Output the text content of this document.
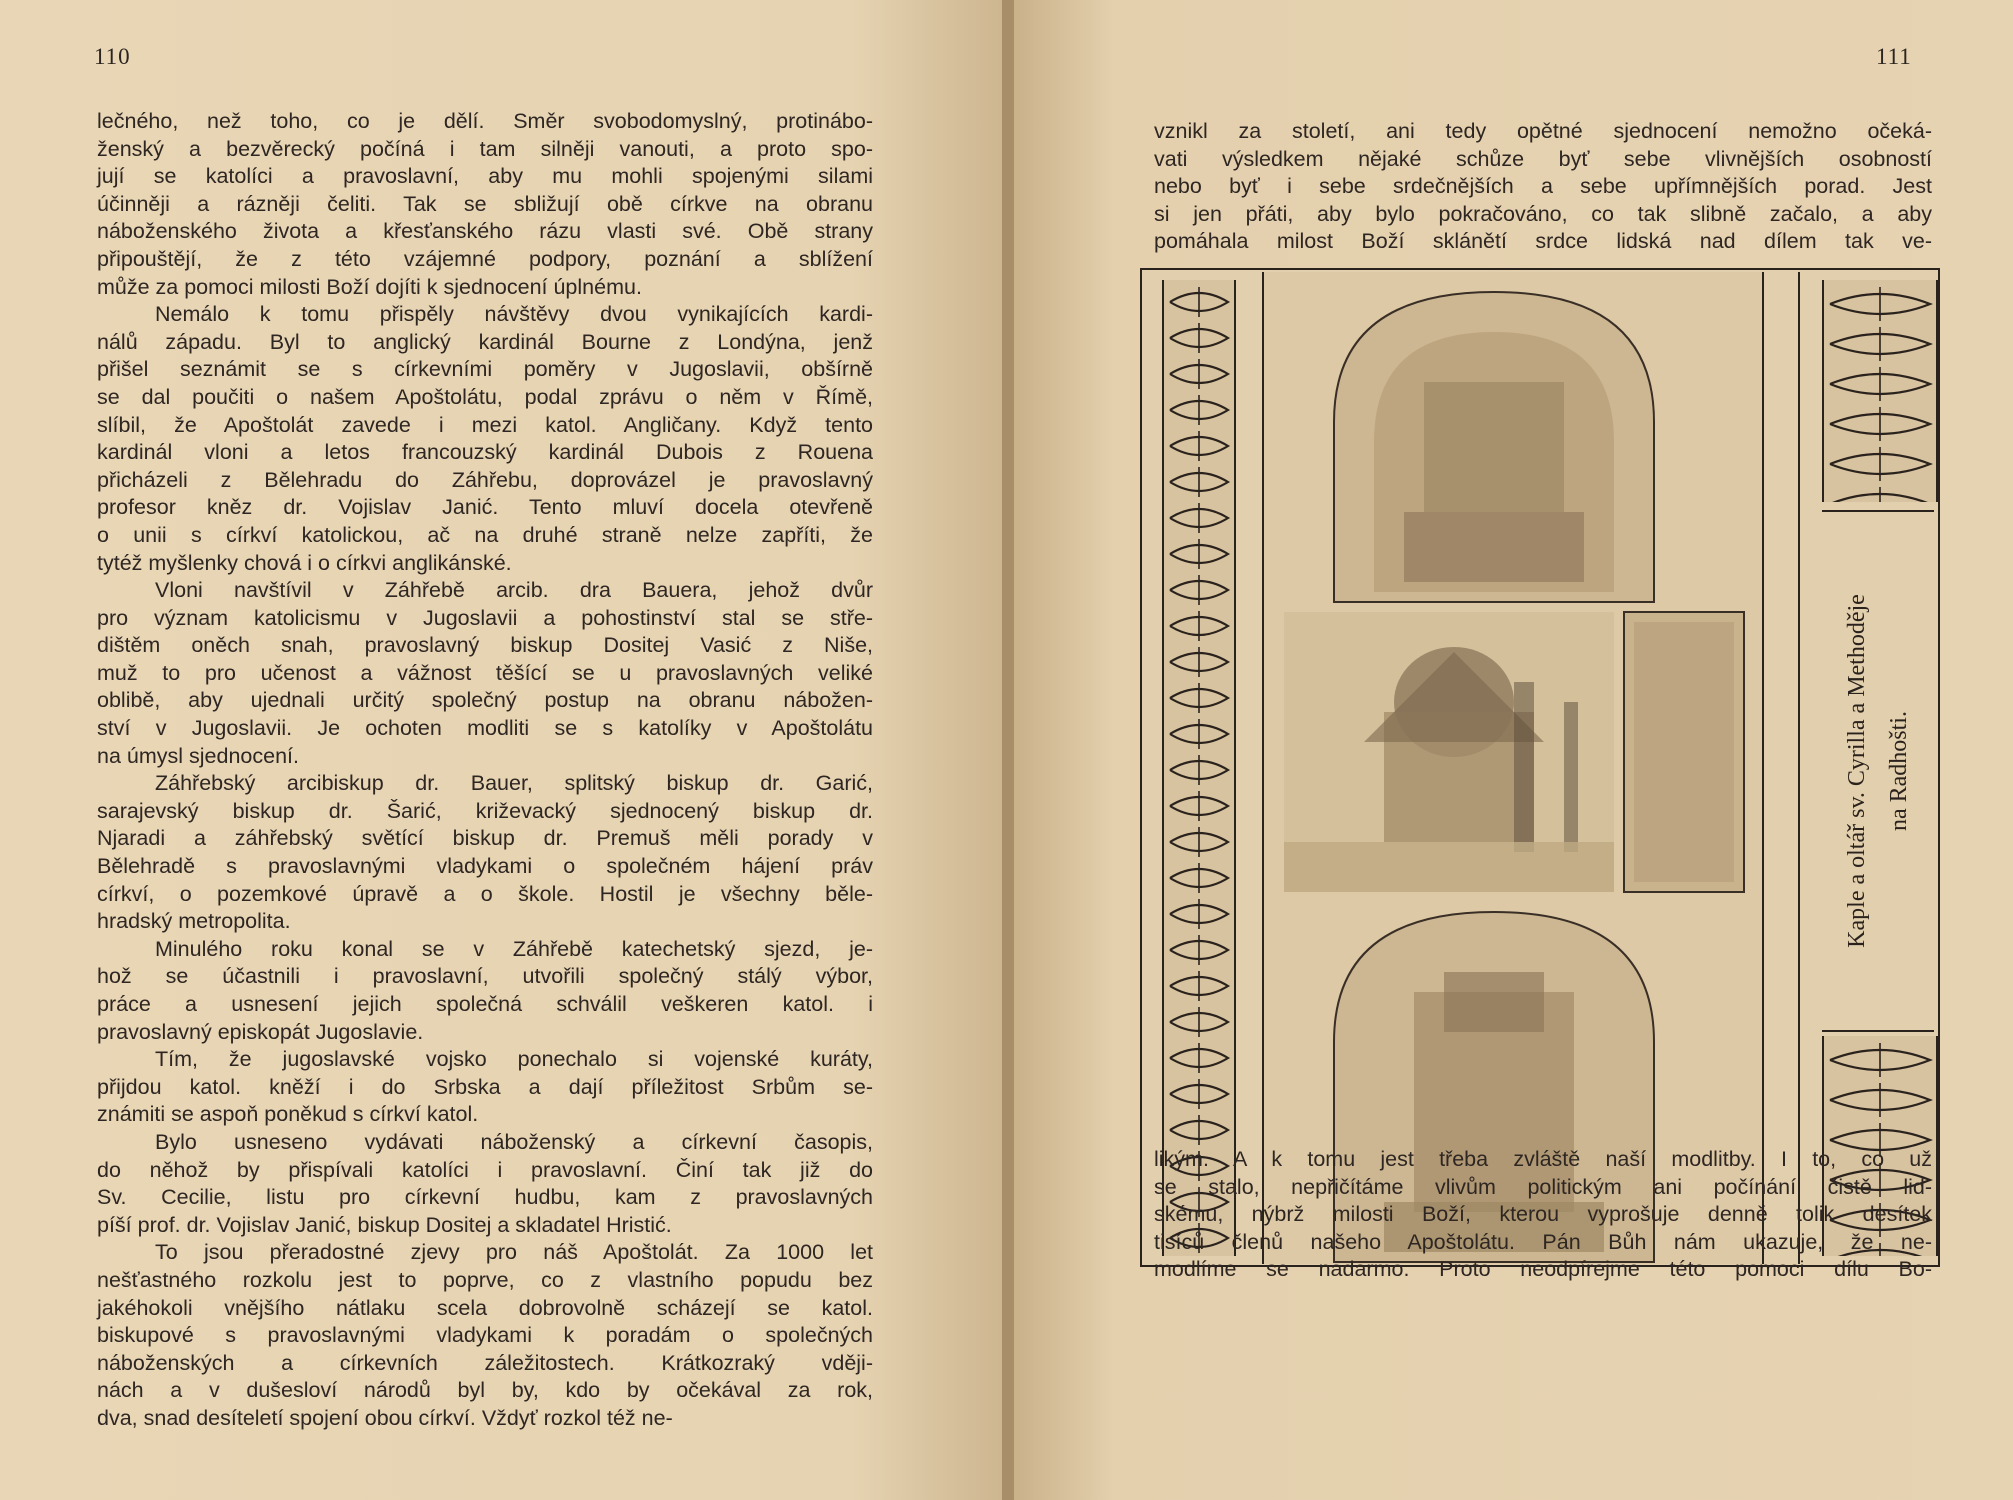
110
lečného, než toho, co je dělí. Směr svobodomyslný, protinábo-
ženský a bezvěrecký počíná i tam silněji vanouti, a proto spo-
jují se katolíci a pravoslavní, aby mu mohli spojenými silami
účinněji a rázněji čeliti. Tak se sbližují obě církve na obranu
náboženského života a křesťanského rázu vlasti své. Obě strany
připouštějí, že z této vzájemné podpory, poznání a sblížení
může za pomoci milosti Boží dojíti k sjednocení úplnému.
Nemálo k tomu přispěly návštěvy dvou vynikajících kardi-
nálů západu. Byl to anglický kardinál Bourne z Londýna, jenž
přišel seznámit se s církevními poměry v Jugoslavii, obšírně
se dal poučiti o našem Apoštolátu, podal zprávu o něm v Římě,
slíbil, že Apoštolát zavede i mezi katol. Angličany. Když tento
kardinál vloni a letos francouzský kardinál Dubois z Rouena
přicházeli z Bělehradu do Záhřebu, doprovázel je pravoslavný
profesor kněz dr. Vojislav Janić. Tento mluví docela otevřeně
o unii s církví katolickou, ač na druhé straně nelze zapříti, že
tytéž myšlenky chová i o církvi anglikánské.
Vloni navštívil v Záhřebě arcib. dra Bauera, jehož dvůr
pro význam katolicismu v Jugoslavii a pohostinství stal se stře-
dištěm oněch snah, pravoslavný biskup Dositej Vasić z Niše,
muž to pro učenost a vážnost těšící se u pravoslavných veliké
oblibě, aby ujednali určitý společný postup na obranu nábožen-
ství v Jugoslavii. Je ochoten modliti se s katolíky v Apoštolátu
na úmysl sjednocení.
Záhřebský arcibiskup dr. Bauer, splitský biskup dr. Garić,
sarajevský biskup dr. Šarić, križevacký sjednocený biskup dr.
Njaradi a záhřebský světící biskup dr. Premuš měli porady v
Bělehradě s pravoslavnými vladykami o společném hájení práv
církví, o pozemkové úpravě a o škole. Hostil je všechny běle-
hradský metropolita.
Minulého roku konal se v Záhřebě katechetský sjezd, je-
hož se účastnili i pravoslavní, utvořili společný stálý výbor,
práce a usnesení jejich společná schválil veškeren katol. i
pravoslavný episkopát Jugoslavie.
Tím, že jugoslavské vojsko ponechalo si vojenské kuráty,
přijdou katol. kněží i do Srbska a dají příležitost Srbům se-
známiti se aspoň poněkud s církví katol.
Bylo usneseno vydávati náboženský a církevní časopis,
do něhož by přispívali katolíci i pravoslavní. Činí tak již do
Sv. Cecilie, listu pro církevní hudbu, kam z pravoslavných
píší prof. dr. Vojislav Janić, biskup Dositej a skladatel Hristić.
To jsou přeradostné zjevy pro náš Apoštolát. Za 1000 let
nešťastného rozkolu jest to poprve, co z vlastního popudu bez
jakéhokoli vnějšího nátlaku scela dobrovolně scházejí se katol.
biskupové s pravoslavnými vladykami k poradám o společných
náboženských a církevních záležitostech. Krátkozraký vději-
nách a v dušesloví národů byl by, kdo by očekával za rok,
dva, snad desíteletí spojení obou církví. Vždyť rozkol též ne-
111
vznikl za století, ani tedy opětné sjednocení nemožno očeká-
vati výsledkem nějaké schůze byť sebe vlivnějších osobností
nebo byť i sebe srdečnějších a sebe upřímnějších porad. Jest
si jen přáti, aby bylo pokračováno, co tak slibně začalo, a aby
pomáhala milost Boží sklánětí srdce lidská nad dílem tak ve-
Kaple a oltář sv. Cyrilla a Methoděje na Radhošti.
likým. A k tomu jest třeba zvláště naší modlitby. I to, co už
se stalo, nepřičítáme vlivům politickým ani počínání čistě lid-
skému, nýbrž milosti Boží, kterou vyprošuje denně tolik desítek
tisíců členů našeho Apoštolátu. Pán Bůh nám ukazuje, že ne-
modlíme se nadarmo. Proto neodpírejme této pomoci dílu Bo-
